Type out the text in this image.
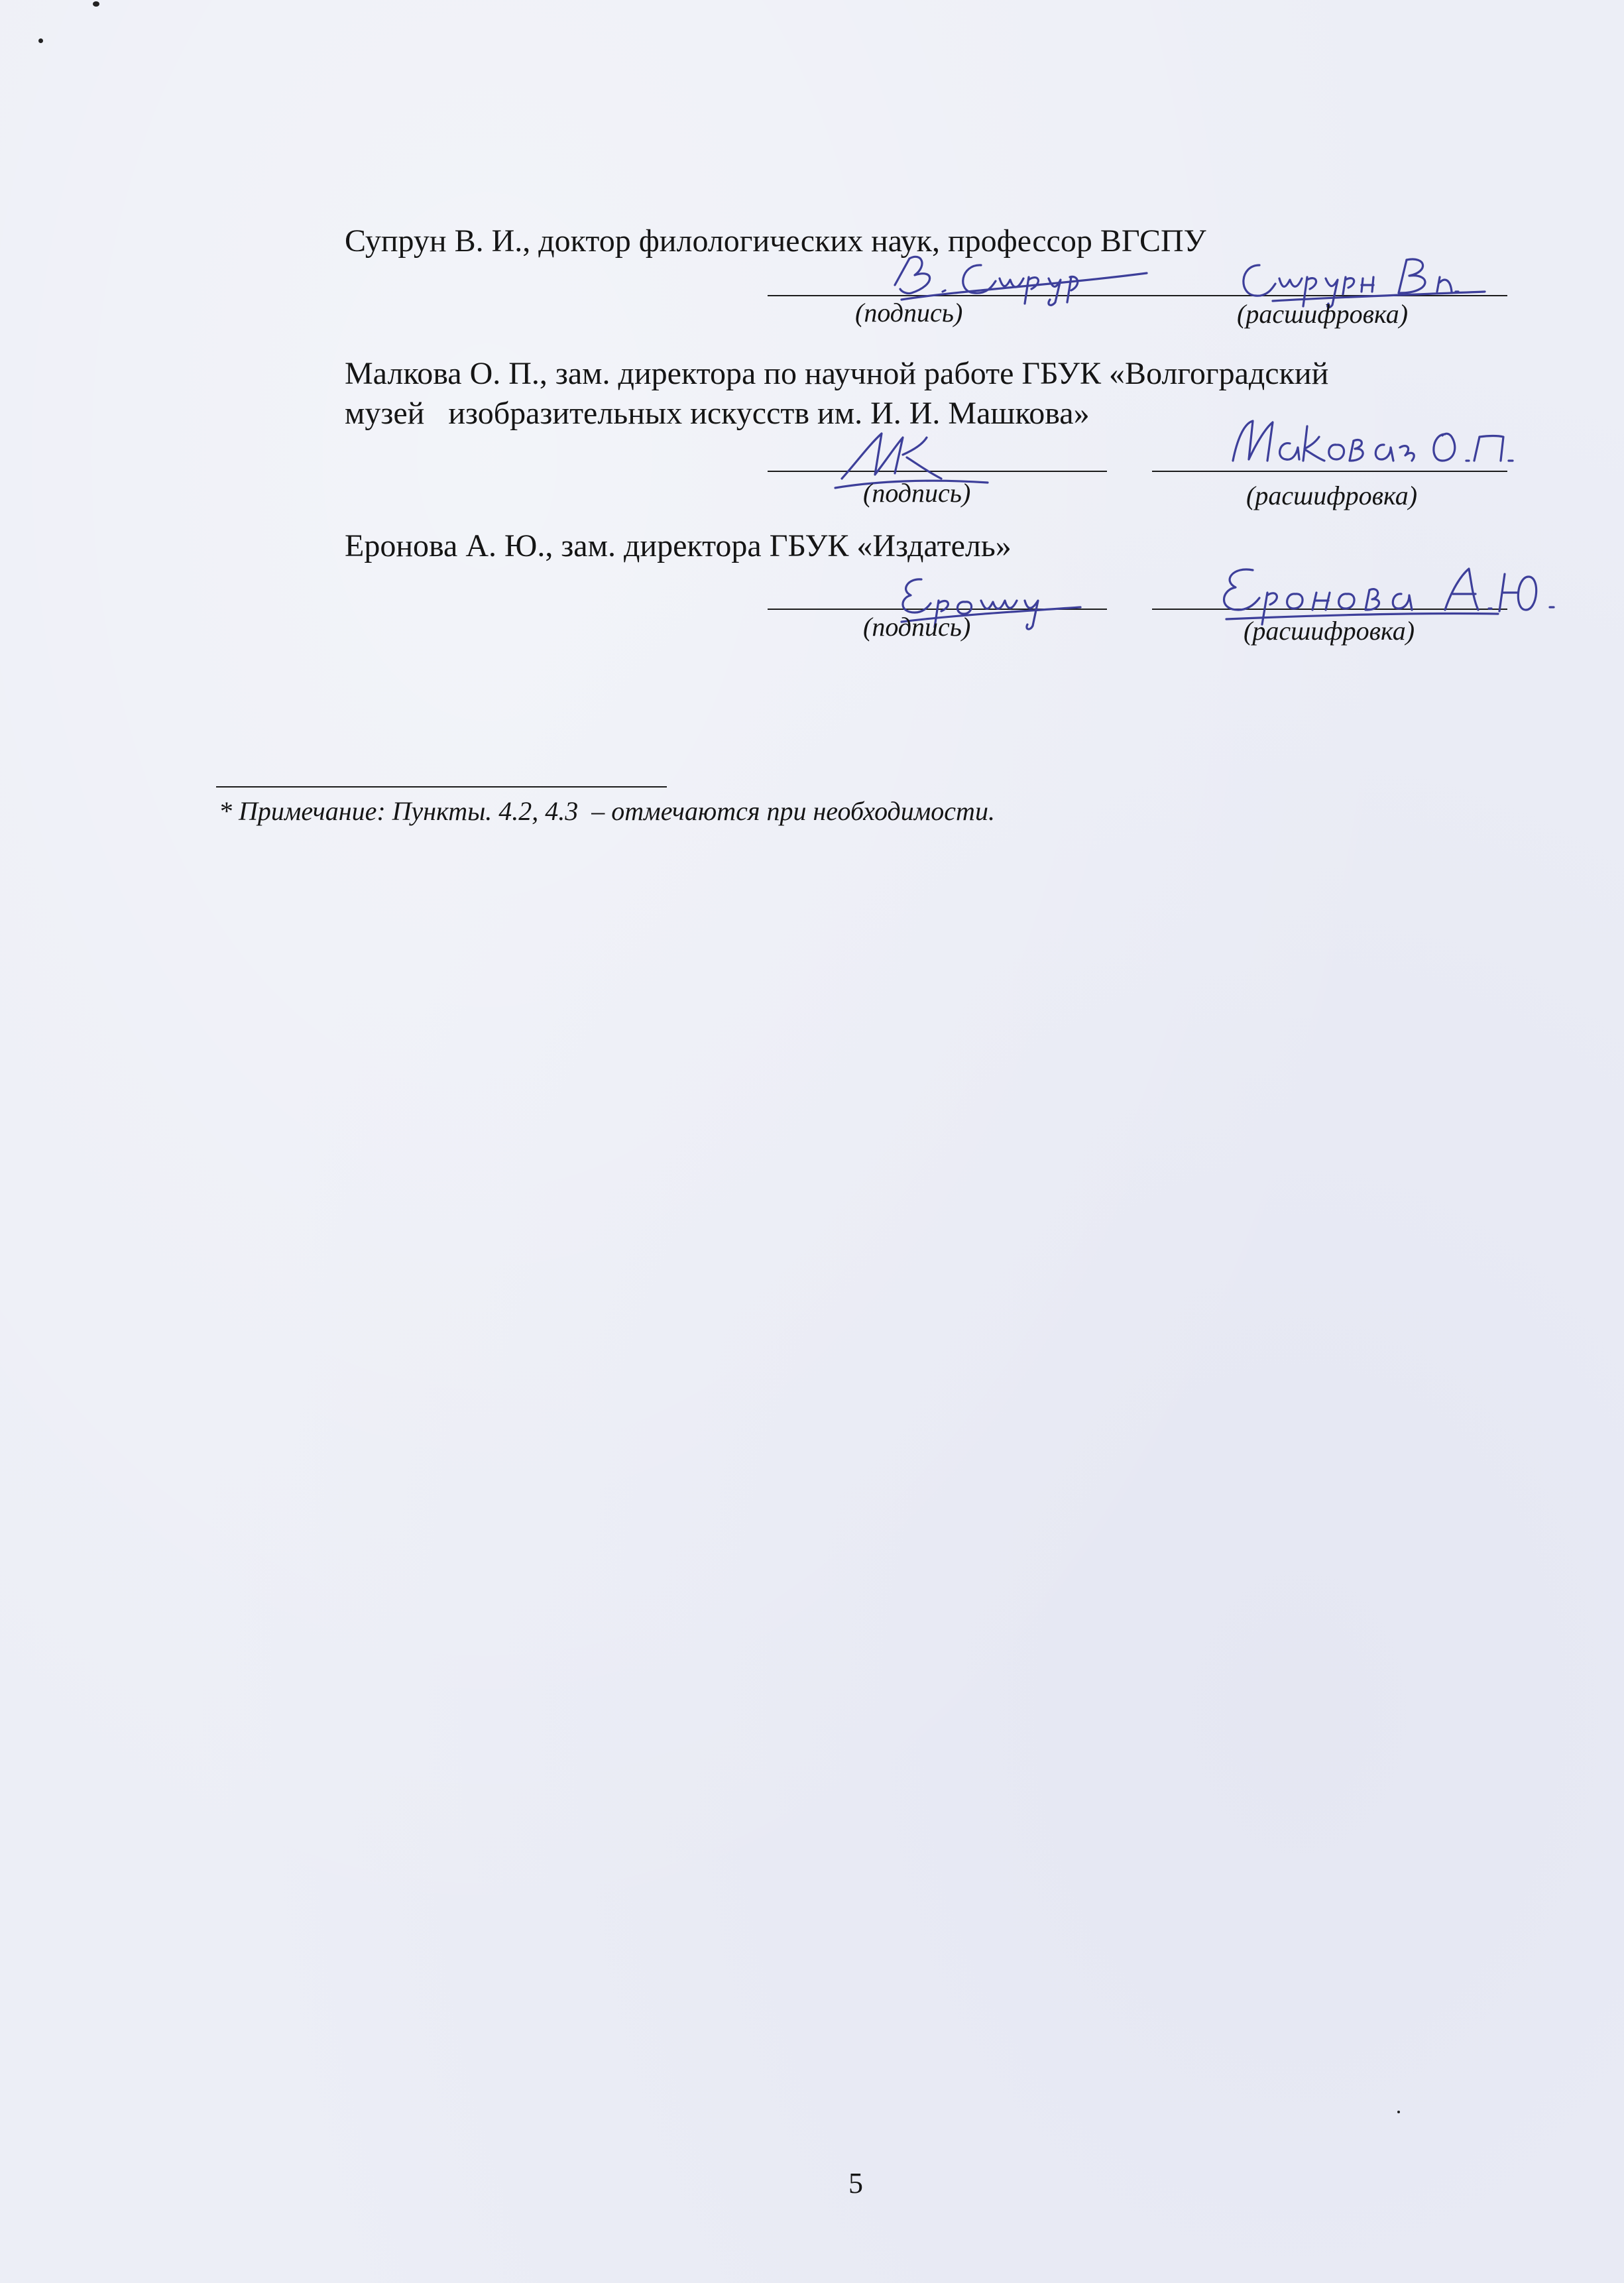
Супрун В. И., доктор филологических наук, профессор ВГСПУ
(подпись)	(расшифровка)
Малкова О. П., зам. директора по научной работе ГБУК «Волгоградский
музей   изобразительных искусств им. И. И. Машкова»
(подпись)	(расшифровка)
Еронова А. Ю., зам. директора ГБУК «Издатель»
(подпись)	(расшифровка)
* Примечание: Пункты. 4.2, 4.3  – отмечаются при необходимости.
5
